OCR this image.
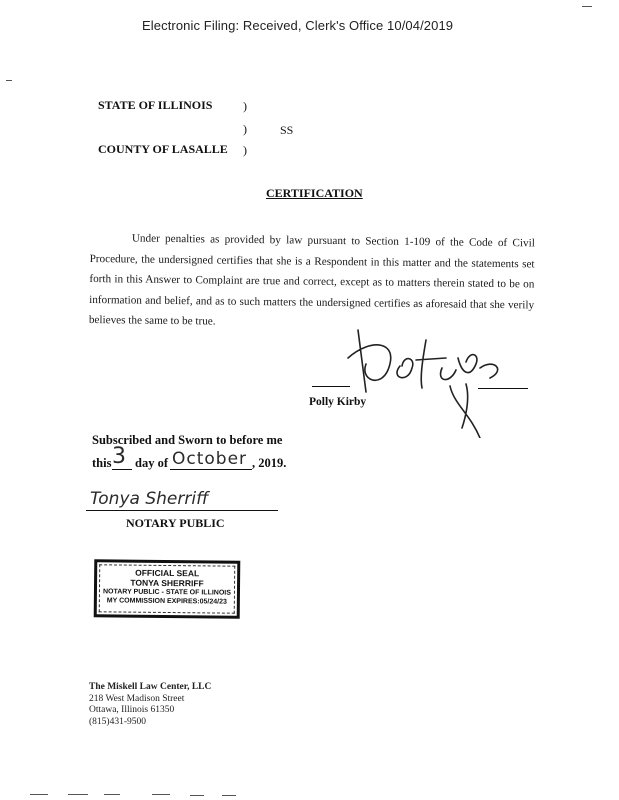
Electronic Filing: Received, Clerk's Office 10/04/2019
STATE OF ILLINOIS	)
)	SS
COUNTY OF LASALLE )
CERTIFICATION
Under penalties as provided by law pursuant to Section 1-109 of the Code of Civil Procedure, the undersigned certifies that she is a Respondent in this matter and the statements set forth in this Answer to Complaint are true and correct, except as to matters therein stated to be on information and belief, and as to such matters the undersigned certifies as aforesaid that she verily believes the same to be true.	Polly Kirby
Polly Kirby
Subscribed and Sworn to before me
this 3 day of October , 2019.
Tonya Sherriff
NOTARY PUBLIC
OFFICIAL SEAL
TONYA SHERRIFF
NOTARY PUBLIC - STATE OF ILLINOIS
MY COMMISSION EXPIRES:05/24/23
The Miskell Law Center, LLC
218 West Madison Street
Ottawa, Illinois 61350
(815)431-9500
